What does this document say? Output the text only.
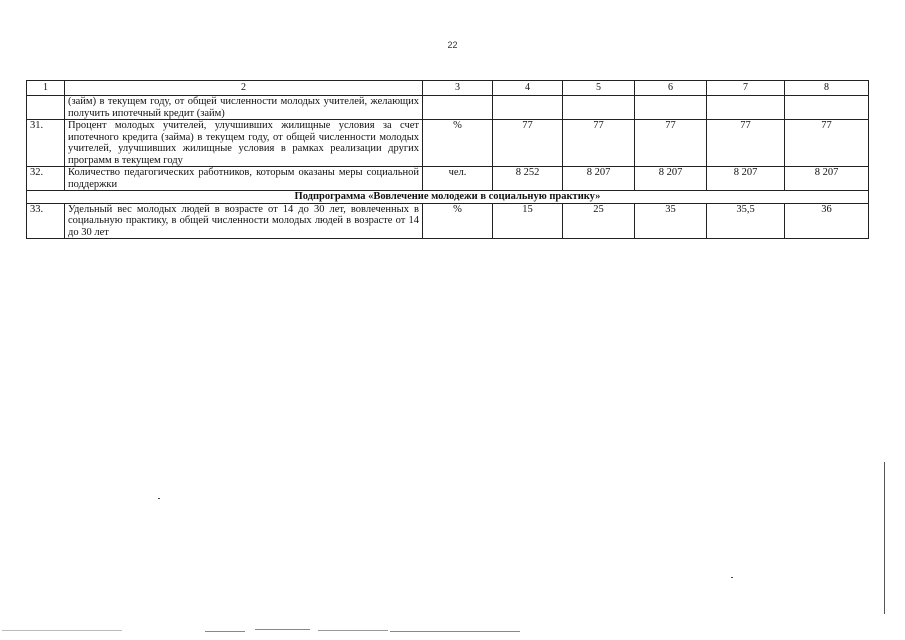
22
1	2	3	4	5	6	7	8
	(займ) в текущем году, от общей численности молодых учителей, желающих получить ипотечный кредит (займ)						
31.	Процент молодых учителей, улучшивших жилищные условия за счет ипотечного кредита (займа) в текущем году, от общей численности молодых учителей, улучшивших жилищные условия в рамках реализации других программ в текущем году	%	77	77	77	77	77
32.	Количество педагогических работников, которым оказаны меры социальной поддержки	чел.	8 252	8 207	8 207	8 207	8 207
Подпрограмма «Вовлечение молодежи в социальную практику»							
33.	Удельный вес молодых людей в возрасте от 14 до 30 лет, вовлеченных в социальную практику, в общей численности молодых людей в возрасте от 14 до 30 лет	%	15	25	35	35,5	36
